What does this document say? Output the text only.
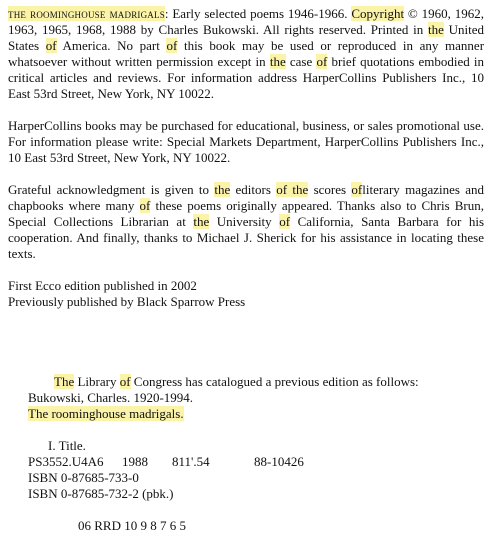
the roominghouse madrigals: Early selected poems 1946-1966. Copyright © 1960, 1962, 1963, 1965, 1968, 1988 by Charles Bukowski. All rights reserved. Printed in the United States of America. No part of this book may be used or reproduced in any manner whatsoever without written permission except in the case of brief quotations embodied in critical articles and reviews. For information address HarperCollins Publishers Inc., 10 East 53rd Street, New York, NY 10022.

HarperCollins books may be purchased for educational, business, or sales promotional use. For information please write: Special Markets Department, HarperCollins Publishers Inc., 10 East 53rd Street, New York, NY 10022.

Grateful acknowledgment is given to the editors of the scores ofliterary magazines and chapbooks where many of these poems originally appeared. Thanks also to Chris Brun, Special Collections Librarian at the University of California, Santa Barbara for his cooperation. And finally, thanks to Michael J. Sherick for his assistance in locating these texts.

First Ecco edition published in 2002
Previously published by Black Sparrow Press
The Library of Congress has catalogued a previous edition as follows:
Bukowski, Charles. 1920-1994.
The roominghouse madrigals.
I. Title.
PS3552.U4A6 1988 811'.54	88-10426
ISBN 0-87685-733-0
ISBN 0-87685-732-2 (pbk.)
06 RRD 10 9 8 7 6 5
